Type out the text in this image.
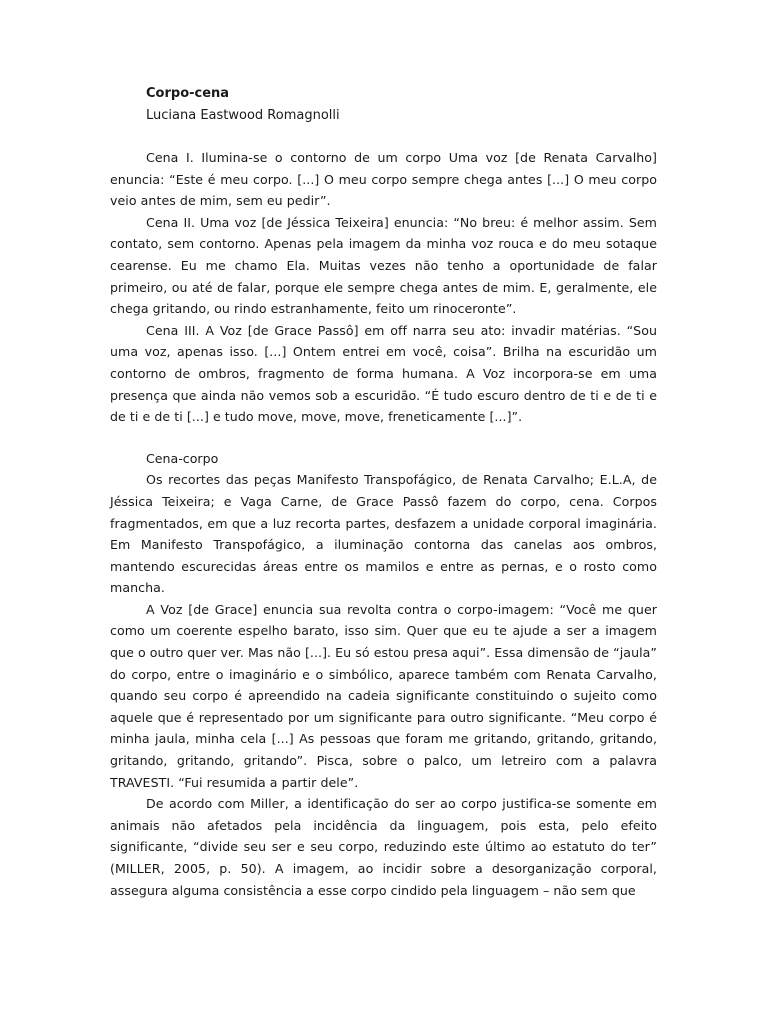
Corpo-cena
Luciana Eastwood Romagnolli

Cena I. Ilumina-se o contorno de um corpo Uma voz [de Renata Carvalho] enuncia: “Este é meu corpo. [...] O meu corpo sempre chega antes [...] O meu corpo veio antes de mim, sem eu pedir”.

Cena II. Uma voz [de Jéssica Teixeira] enuncia: “No breu: é melhor assim. Sem contato, sem contorno. Apenas pela imagem da minha voz rouca e do meu sotaque cearense. Eu me chamo Ela. Muitas vezes não tenho a oportunidade de falar primeiro, ou até de falar, porque ele sempre chega antes de mim. E, geralmente, ele chega gritando, ou rindo estranhamente, feito um rinoceronte”.

Cena III. A Voz [de Grace Passô] em off narra seu ato: invadir matérias. “Sou uma voz, apenas isso. [...] Ontem entrei em você, coisa”. Brilha na escuridão um contorno de ombros, fragmento de forma humana. A Voz incorpora-se em uma presença que ainda não vemos sob a escuridão. “É tudo escuro dentro de ti e de ti e de ti e de ti [...] e tudo move, move, move, freneticamente [...]”.

Cena-corpo

Os recortes das peças Manifesto Transpofágico, de Renata Carvalho; E.L.A, de Jéssica Teixeira; e Vaga Carne, de Grace Passô fazem do corpo, cena. Corpos fragmentados, em que a luz recorta partes, desfazem a unidade corporal imaginária. Em Manifesto Transpofágico, a iluminação contorna das canelas aos ombros, mantendo escurecidas áreas entre os mamilos e entre as pernas, e o rosto como mancha.

A Voz [de Grace] enuncia sua revolta contra o corpo-imagem: “Você me quer como um coerente espelho barato, isso sim. Quer que eu te ajude a ser a imagem que o outro quer ver. Mas não [...]. Eu só estou presa aqui”. Essa dimensão de “jaula” do corpo, entre o imaginário e o simbólico, aparece também com Renata Carvalho, quando seu corpo é apreendido na cadeia significante constituindo o sujeito como aquele que é representado por um significante para outro significante. “Meu corpo é minha jaula, minha cela [...] As pessoas que foram me gritando, gritando, gritando, gritando, gritando, gritando”. Pisca, sobre o palco, um letreiro com a palavra TRAVESTI. “Fui resumida a partir dele”.

De acordo com Miller, a identificação do ser ao corpo justifica-se somente em animais não afetados pela incidência da linguagem, pois esta, pelo efeito significante, “divide seu ser e seu corpo, reduzindo este último ao estatuto do ter” (MILLER, 2005, p. 50). A imagem, ao incidir sobre a desorganização corporal, assegura alguma consistência a esse corpo cindido pela linguagem – não sem que
